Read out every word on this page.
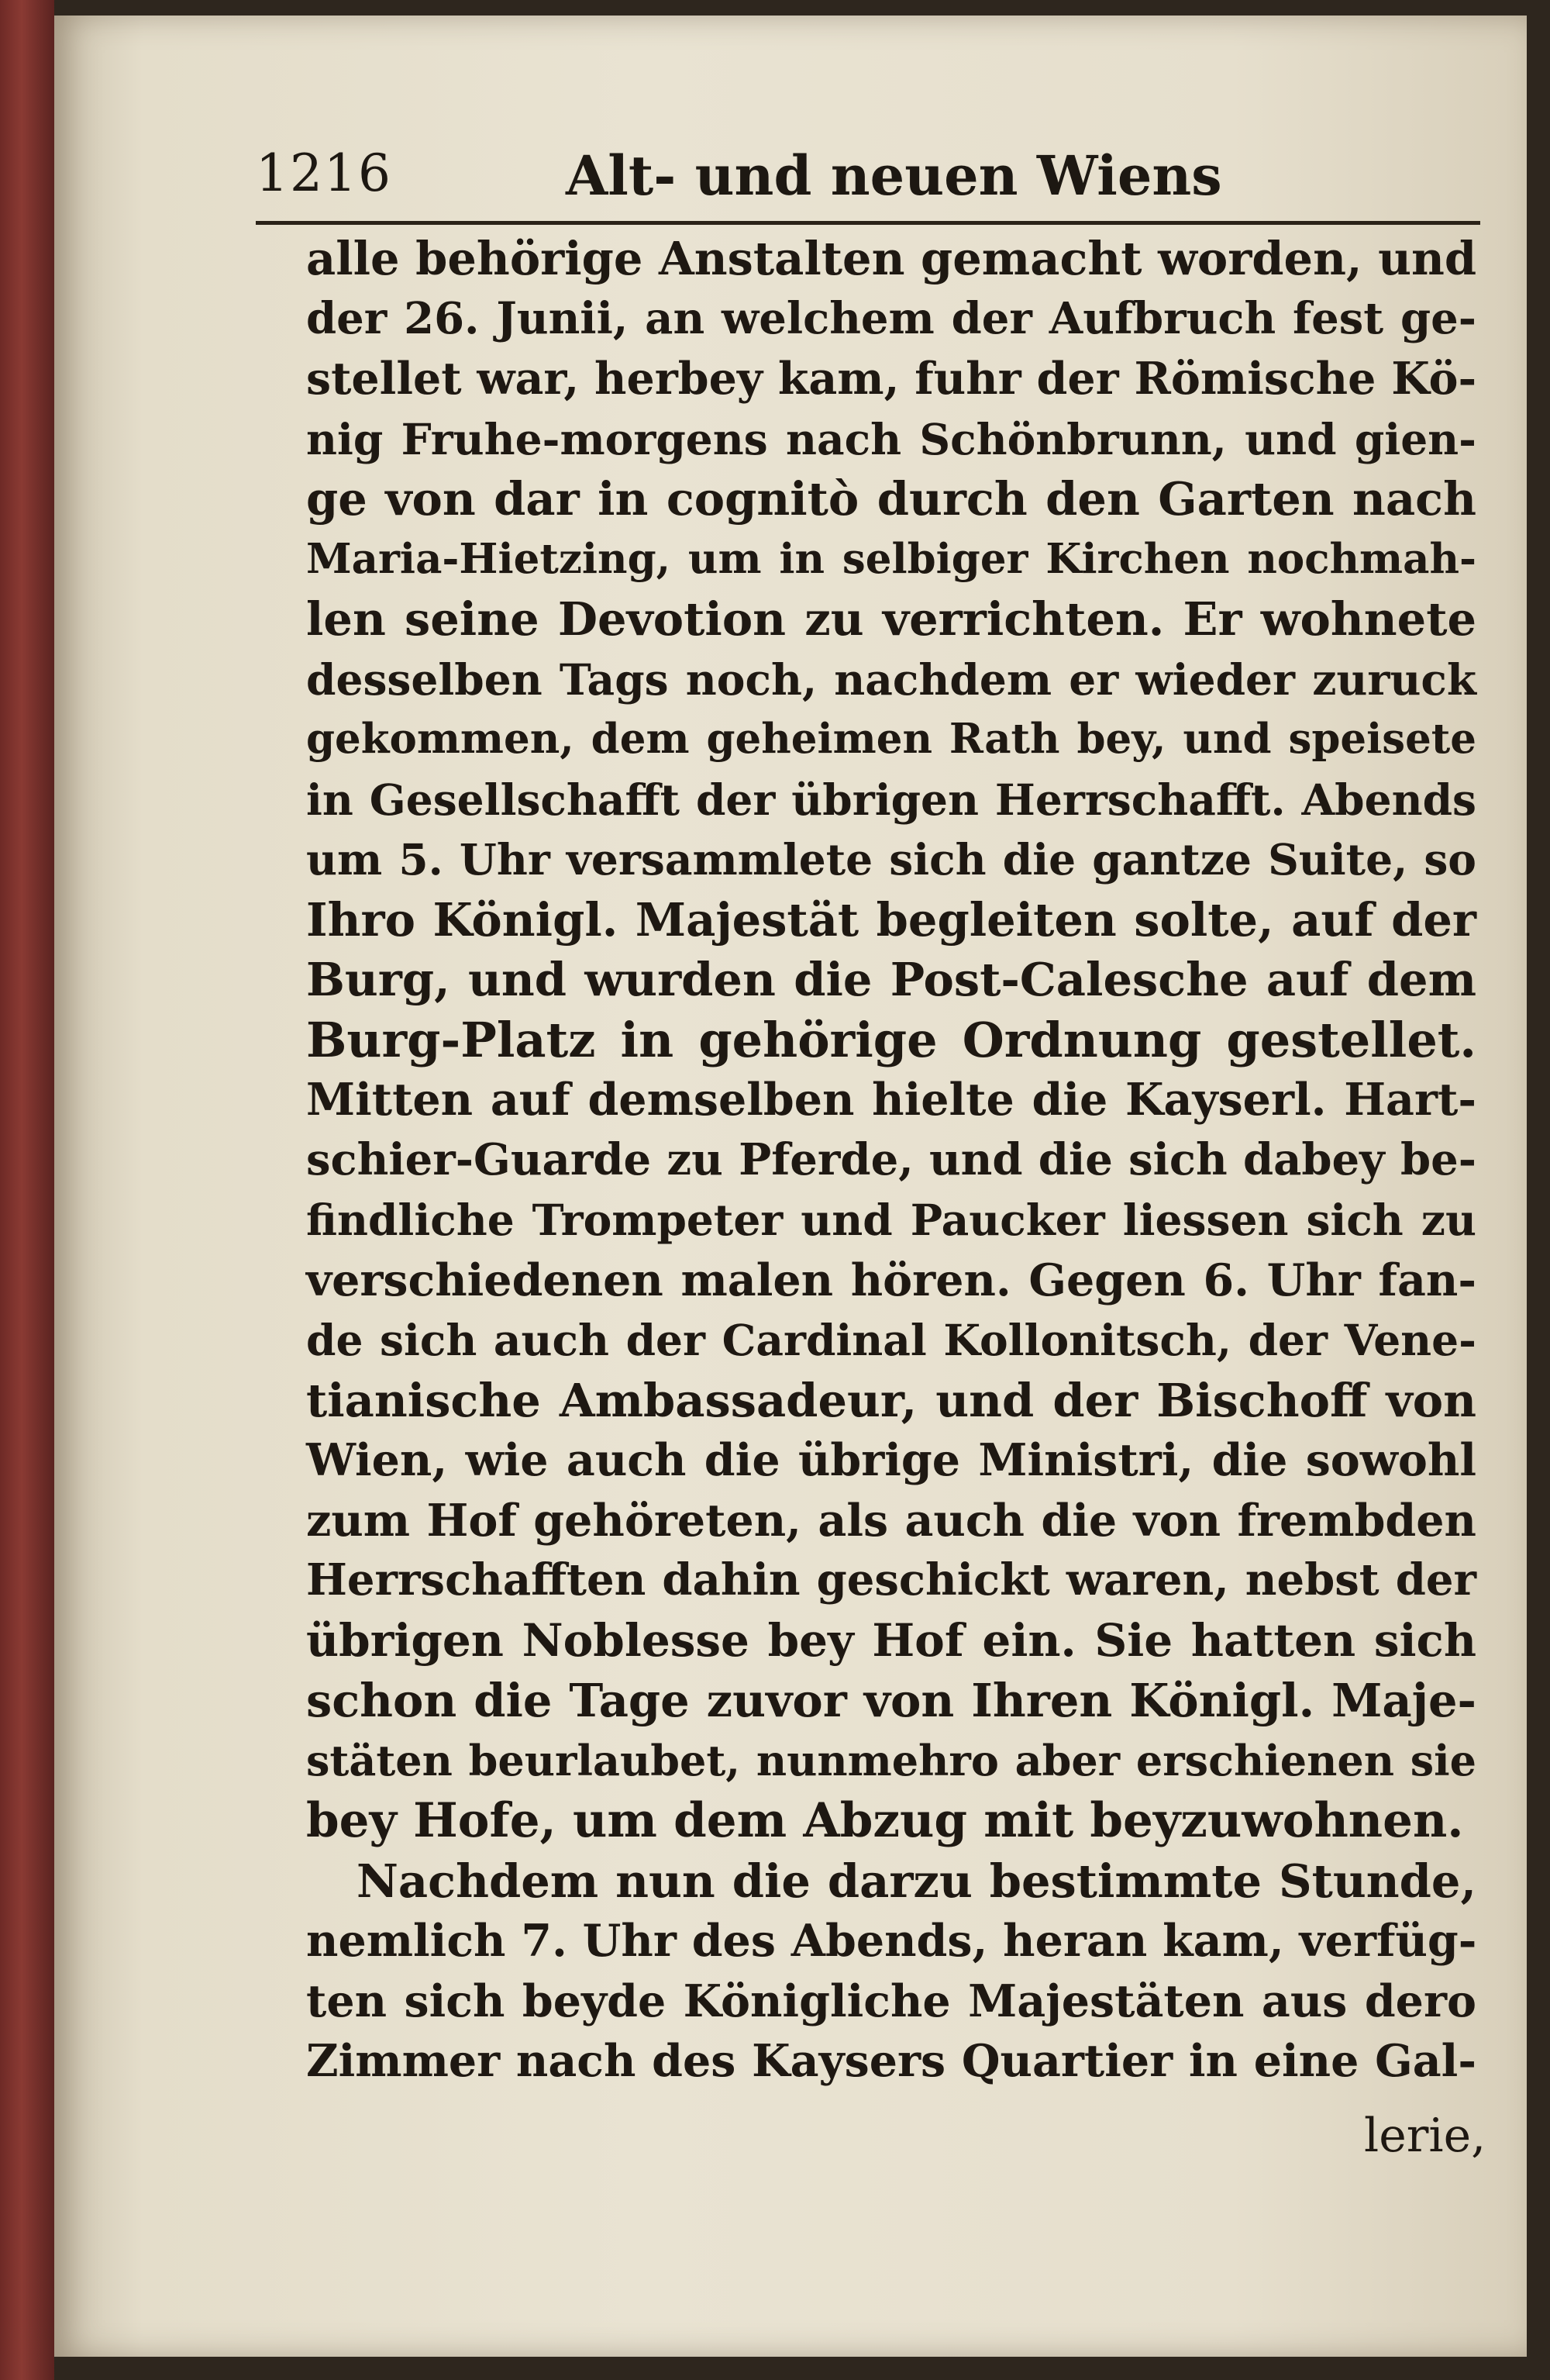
1216	Alt- und neuen Wiens
alle behörige Anstalten gemacht worden, und
der 26. Junii, an welchem der Aufbruch fest ge-
stellet war, herbey kam, fuhr der Römische Kö-
nig Fruhe-morgens nach Schönbrunn, und gien-
ge von dar in cognitò durch den Garten nach
Maria-Hietzing, um in selbiger Kirchen nochmah-
len seine Devotion zu verrichten. Er wohnete
desselben Tags noch, nachdem er wieder zuruck
gekommen, dem geheimen Rath bey, und speisete
in Gesellschafft der übrigen Herrschafft. Abends
um 5. Uhr versammlete sich die gantze Suite, so
Ihro Königl. Majestät begleiten solte, auf der
Burg, und wurden die Post-Calesche auf dem
Burg-Platz in gehörige Ordnung gestellet.
Mitten auf demselben hielte die Kayserl. Hart-
schier-Guarde zu Pferde, und die sich dabey be-
findliche Trompeter und Paucker liessen sich zu
verschiedenen malen hören. Gegen 6. Uhr fan-
de sich auch der Cardinal Kollonitsch, der Vene-
tianische Ambassadeur, und der Bischoff von
Wien, wie auch die übrige Ministri, die sowohl
zum Hof gehöreten, als auch die von frembden
Herrschafften dahin geschickt waren, nebst der
übrigen Noblesse bey Hof ein. Sie hatten sich
schon die Tage zuvor von Ihren Königl. Maje-
stäten beurlaubet, nunmehro aber erschienen sie
bey Hofe, um dem Abzug mit beyzuwohnen.
Nachdem nun die darzu bestimmte Stunde,
nemlich 7. Uhr des Abends, heran kam, verfüg-
ten sich beyde Königliche Majestäten aus dero
Zimmer nach des Kaysers Quartier in eine Gal-
lerie,
